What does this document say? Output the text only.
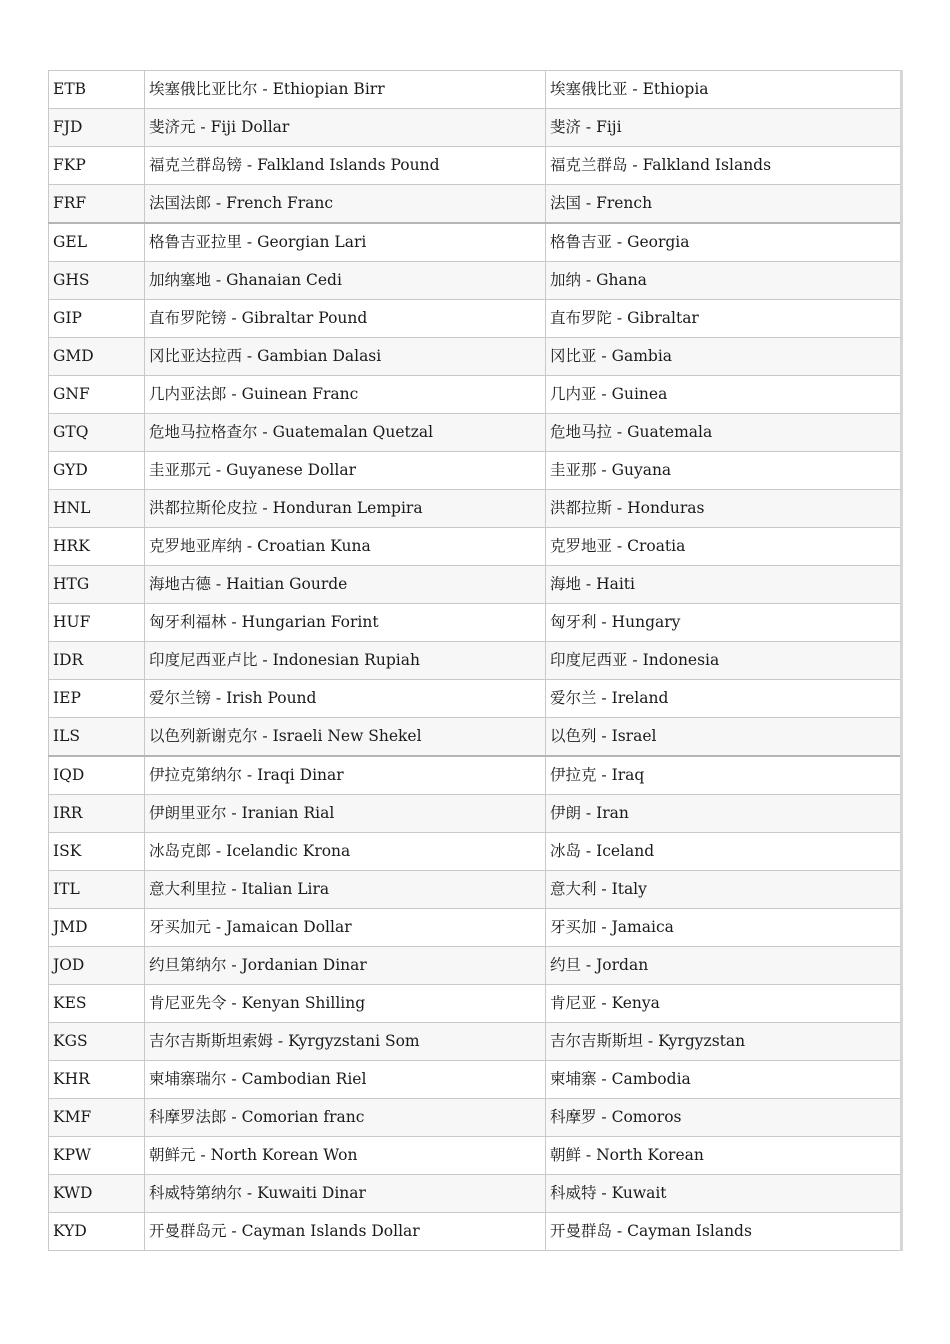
ETB	埃塞俄比亚比尔 - Ethiopian Birr	埃塞俄比亚 - Ethiopia
FJD	斐济元 - Fiji Dollar	斐济 - Fiji
FKP	福克兰群岛镑 - Falkland Islands Pound	福克兰群岛 - Falkland Islands
FRF	法国法郎 - French Franc	法国 - French
GEL	格鲁吉亚拉里 - Georgian Lari	格鲁吉亚 - Georgia
GHS	加纳塞地 - Ghanaian Cedi	加纳 - Ghana
GIP	直布罗陀镑 - Gibraltar Pound	直布罗陀 - Gibraltar
GMD	冈比亚达拉西 - Gambian Dalasi	冈比亚 - Gambia
GNF	几内亚法郎 - Guinean Franc	几内亚 - Guinea
GTQ	危地马拉格查尔 - Guatemalan Quetzal	危地马拉 - Guatemala
GYD	圭亚那元 - Guyanese Dollar	圭亚那 - Guyana
HNL	洪都拉斯伦皮拉 - Honduran Lempira	洪都拉斯 - Honduras
HRK	克罗地亚库纳 - Croatian Kuna	克罗地亚 - Croatia
HTG	海地古德 - Haitian Gourde	海地 - Haiti
HUF	匈牙利福林 - Hungarian Forint	匈牙利 - Hungary
IDR	印度尼西亚卢比 - Indonesian Rupiah	印度尼西亚 - Indonesia
IEP	爱尔兰镑 - Irish Pound	爱尔兰 - Ireland
ILS	以色列新谢克尔 - Israeli New Shekel	以色列 - Israel
IQD	伊拉克第纳尔 - Iraqi Dinar	伊拉克 - Iraq
IRR	伊朗里亚尔 - Iranian Rial	伊朗 - Iran
ISK	冰岛克郎 - Icelandic Krona	冰岛 - Iceland
ITL	意大利里拉 - Italian Lira	意大利 - Italy
JMD	牙买加元 - Jamaican Dollar	牙买加 - Jamaica
JOD	约旦第纳尔 - Jordanian Dinar	约旦 - Jordan
KES	肯尼亚先令 - Kenyan Shilling	肯尼亚 - Kenya
KGS	吉尔吉斯斯坦索姆 - Kyrgyzstani Som	吉尔吉斯斯坦 - Kyrgyzstan
KHR	柬埔寨瑞尔 - Cambodian Riel	柬埔寨 - Cambodia
KMF	科摩罗法郎 - Comorian franc	科摩罗 - Comoros
KPW	朝鲜元 - North Korean Won	朝鲜 - North Korean
KWD	科威特第纳尔 - Kuwaiti Dinar	科威特 - Kuwait
KYD	开曼群岛元 - Cayman Islands Dollar	开曼群岛 - Cayman Islands
